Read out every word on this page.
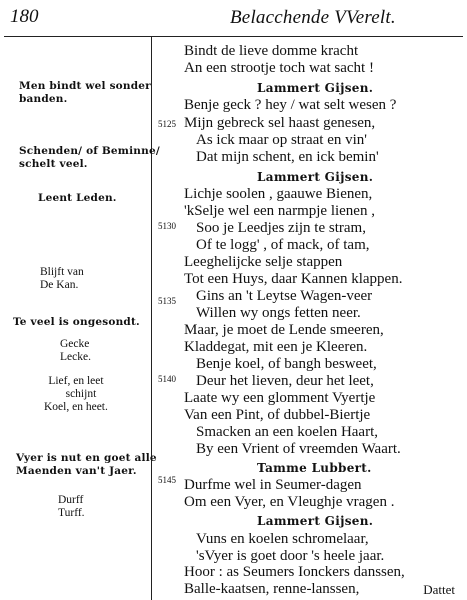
180	Belacchende VVerelt.
Men bindt wel sonder
banden.
Schenden/ of Beminne/
schelt veel.
Leent Leden.
Blijft van
De Kan.
Te veel is ongesondt.
Gecke
Lecke.
Lief, en leet
schijnt
Koel, en heet.
Vyer is nut en goet alle
Maenden van't Jaer.
Durff
Turff.
5125
5130
5135
5140
5145
Bindt de lieve domme kracht
An een strootje toch wat sacht !
Lammert Gijsen.
Benje geck ? hey / wat selt wesen ?
Mijn gebreck sel haast genesen,
As ick maar op straat en vin'
Dat mijn schent, en ick bemin'
Lammert Gijsen.
Lichje soolen , gaauwe Bienen,
'kSelje wel een narmpje lienen ,
Soo je Leedjes zijn te stram,
Of te logg' , of mack, of tam,
Leeghelijcke selje stappen
Tot een Huys, daar Kannen klappen.
Gins an 't Leytse Wagen-veer
Willen wy ongs fetten neer.
Maar, je moet de Lende smeeren,
Kladdegat, mit een je Kleeren.
Benje koel, of bangh besweet,
Deur het lieven, deur het leet,
Laate wy een glomment Vyertje
Van een Pint, of dubbel-Biertje
Smacken an een koelen Haart,
By een Vrient of vreemden Waart.
Tamme Lubbert.
Durfme wel in Seumer-dagen
Om een Vyer, en Vleughje vragen .
Lammert Gijsen.
Vuns en koelen schromelaar,
'sVyer is goet door 's heele jaar.
Hoor : as Seumers Ionckers danssen,
Balle-kaatsen, renne-lanssen,	Dattet
